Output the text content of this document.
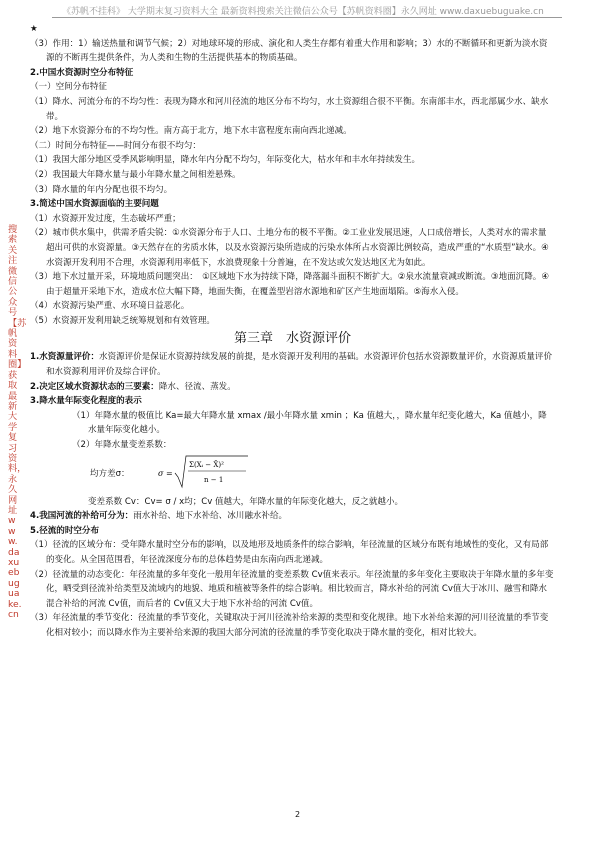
《苏帆不挂科》 大学期末复习资料大全 最新资料搜索关注微信公众号【苏帆资料圈】永久网址 www.daxuebuguake.cn
搜索关注微信公众号【苏帆资料圈】获取最新大学复习资料，永久网址www.daxuebuguake.cn

★

（3）作用：1）输送热量和调节气候；2）对地球环境的形成、演化和人类生存都有着重大作用和影响；3）水的不断循环和更新为淡水资源的不断再生提供条件，为人类和生物的生活提供基本的物质基础。

2.中国水资源时空分布特征

（一）空间分布特征

（1）降水、河流分布的不均匀性：表现为降水和河川径流的地区分布不均匀，水土资源组合很不平衡。东南部丰水，西北部属少水、缺水带。

（2）地下水资源分布的不均匀性。南方高于北方，地下水丰富程度东南向西北递减。

（二）时间分布特征——时间分布很不均匀：

（1）我国大部分地区受季风影响明显，降水年内分配不均匀，年际变化大，枯水年和丰水年持续发生。

（2）我国最大年降水量与最小年降水量之间相差悬殊。

（3）降水量的年内分配也很不均匀。

3.简述中国水资源面临的主要问题

（1）水资源开发过度，生态破坏严重；

（2）城市供水集中，供需矛盾尖锐：①水资源分布于人口、土地分布的极不平衡。②工业业发展迅速，人口成倍增长，人类对水的需求量超出可供的水资源量。③天然存在的劣质水体，以及水资源污染所造成的污染水体所占水资源比例较高，造成严重的“水质型”缺水。④水资源开发利用不合理，水资源利用率低下，水浪费现象十分普遍，在不发达或欠发达地区尤为如此。

（3）地下水过量开采，环境地质问题突出：　①区域地下水为持续下降，降落漏斗面积不断扩大。②泉水流量衰减或断流。③地面沉降。④由于超量开采地下水，造成水位大幅下降，地面失衡，在覆盖型岩溶水源地和矿区产生地面塌陷。⑤海水入侵。

（4）水资源污染严重、水环境日益恶化。

（5）水资源开发利用缺乏统筹规划和有效管理。

第三章　水资源评价

1.水资源量评价：水资源评价是保证水资源持续发展的前提，是水资源开发利用的基础。水资源评价包括水资源数量评价，水资源质量评价和水资源利用评价及综合评价。

2.决定区域水资源状态的三要素：降水、径流、蒸发。

3.降水量年际变化程度的表示

（1）年降水量的极值比 Ka=最大年降水量 xmax /最小年降水量 xmin ；Ka 值越大，，降水量年纪变化越大，Ka 值越小，降水量年际变化越小。

（2）年降水量变差系数：

均方差σ：	σ =
Σ(Xᵢ − X̄)²
n − 1

变差系数 Cv：Cv= σ / x均；Cv 值越大，年降水量的年际变化越大，反之就越小。

4.我国河流的补给可分为：雨水补给、地下水补给、冰川融水补给。

5.径流的时空分布

（1）径流的区域分布：受年降水量时空分布的影响，以及地形及地质条件的综合影响，年径流量的区域分布既有地域性的变化，又有局部的变化。从全国范围看，年径流深度分布的总体趋势是由东南向西北递减。

（2）径流量的动态变化：年径流量的多年变化一般用年径流量的变差系数 Cv值来表示。年径流量的多年变化主要取决于年降水量的多年变化，晒受到径流补给类型及流域内的地貌、地质和植被等条件的综合影响。相比较而言，降水补给的河流 Cv值大于冰川、融雪和降水混合补给的河流 Cv值，而后者的 Cv值又大于地下水补给的河流 Cv值。

（3）年径流量的季节变化：径流量的季节变化，关键取决于河川径流补给来源的类型和变化规律。地下水补给来源的河川径流量的季节变化相对较小；而以降水作为主要补给来源的我国大部分河流的径流量的季节变化取决于降水量的变化，相对比较大。

2
